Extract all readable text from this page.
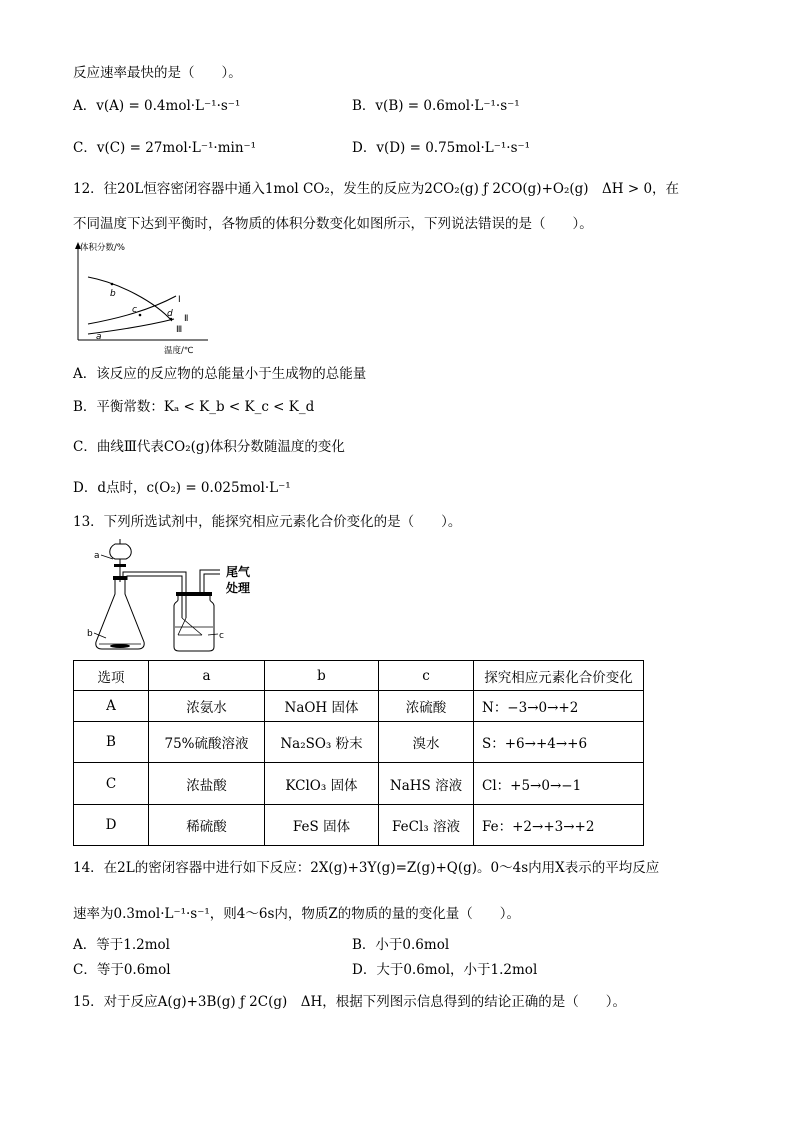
反应速率最快的是（　　）。
A．v(A) = 0.4mol·L⁻¹·s⁻¹	B．v(B) = 0.6mol·L⁻¹·s⁻¹
C．v(C) = 27mol·L⁻¹·min⁻¹	D．v(D) = 0.75mol·L⁻¹·s⁻¹
12．往20L恒容密闭容器中通入1mol CO₂，发生的反应为2CO₂(g) ƒ 2CO(g)+O₂(g)　ΔH > 0，在
不同温度下达到平衡时，各物质的体积分数变化如图所示，下列说法错误的是（　　）。
体积分数/%
温度/℃
b
c	d
a
Ⅰ
Ⅱ
Ⅲ
A．该反应的反应物的总能量小于生成物的总能量
B．平衡常数：Kₐ < K_b < K_c < K_d
C．曲线Ⅲ代表CO₂(g)体积分数随温度的变化
D．d点时，c(O₂) = 0.025mol·L⁻¹
13．下列所选试剂中，能探究相应元素化合价变化的是（　　）。
a
b	c
尾气
处理
选项	a	b	c	探究相应元素化合价变化
A	浓氨水	NaOH 固体	浓硫酸	N：−3→0→+2
B	75%硫酸溶液	Na₂SO₃ 粉末	溴水	S：+6→+4→+6
C	浓盐酸	KClO₃ 固体	NaHS 溶液	Cl：+5→0→−1
D	稀硫酸	FeS 固体	FeCl₃ 溶液	Fe：+2→+3→+2
14．在2L的密闭容器中进行如下反应：2X(g)+3Y(g)=Z(g)+Q(g)。0～4s内用X表示的平均反应
速率为0.3mol·L⁻¹·s⁻¹，则4～6s内，物质Z的物质的量的变化量（　　）。
A．等于1.2mol	B．小于0.6mol
C．等于0.6mol	D．大于0.6mol，小于1.2mol
15．对于反应A(g)+3B(g) ƒ 2C(g)　ΔH，根据下列图示信息得到的结论正确的是（　　）。
